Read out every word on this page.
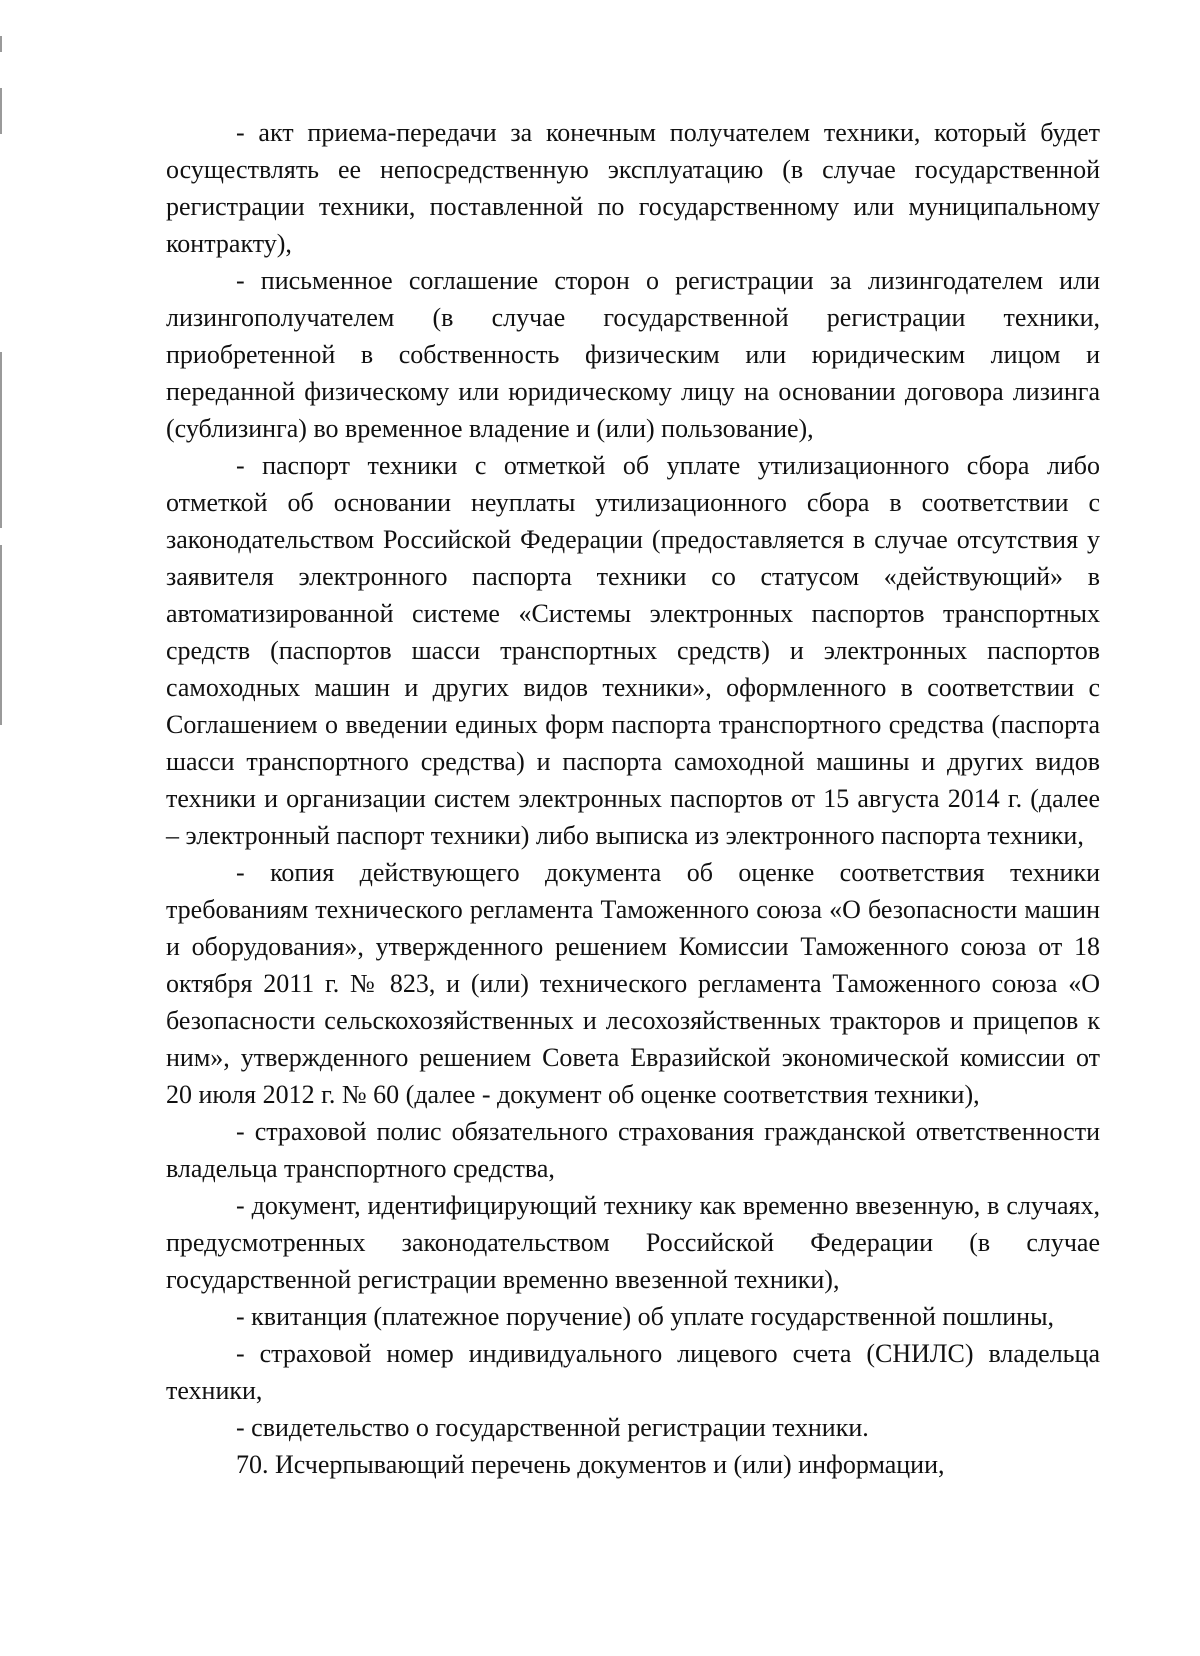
- акт приема-передачи за конечным получателем техники, который будет осуществлять ее непосредственную эксплуатацию (в случае государственной регистрации техники, поставленной по государственному или муниципальному контракту),

- письменное соглашение сторон о регистрации за лизингодателем или лизингополучателем (в случае государственной регистрации техники, приобретенной в собственность физическим или юридическим лицом и переданной физическому или юридическому лицу на основании договора лизинга (сублизинга) во временное владение и (или) пользование),

- паспорт техники с отметкой об уплате утилизационного сбора либо отметкой об основании неуплаты утилизационного сбора в соответствии с законодательством Российской Федерации (предоставляется в случае отсутствия у заявителя электронного паспорта техники со статусом «действующий» в автоматизированной системе «Системы электронных паспортов транспортных средств (паспортов шасси транспортных средств) и электронных паспортов самоходных машин и других видов техники», оформленного в соответствии с Соглашением о введении единых форм паспорта транспортного средства (паспорта шасси транспортного средства) и паспорта самоходной машины и других видов техники и организации систем электронных паспортов от 15 августа 2014 г. (далее – электронный паспорт техники) либо выписка из электронного паспорта техники,

- копия действующего документа об оценке соответствия техники требованиям технического регламента Таможенного союза «О безопасности машин и оборудования», утвержденного решением Комиссии Таможенного союза от 18 октября 2011 г. № 823, и (или) технического регламента Таможенного союза «О безопасности сельскохозяйственных и лесохозяйственных тракторов и прицепов к ним», утвержденного решением Совета Евразийской экономической комиссии от 20 июля 2012 г. № 60 (далее - документ об оценке соответствия техники),

- страховой полис обязательного страхования гражданской ответственности владельца транспортного средства,

- документ, идентифицирующий технику как временно ввезенную, в случаях, предусмотренных законодательством Российской Федерации (в случае государственной регистрации временно ввезенной техники),

- квитанция (платежное поручение) об уплате государственной пошлины,

- страховой номер индивидуального лицевого счета (СНИЛС) владельца техники,

- свидетельство о государственной регистрации техники.

70. Исчерпывающий перечень документов и (или) информации,
